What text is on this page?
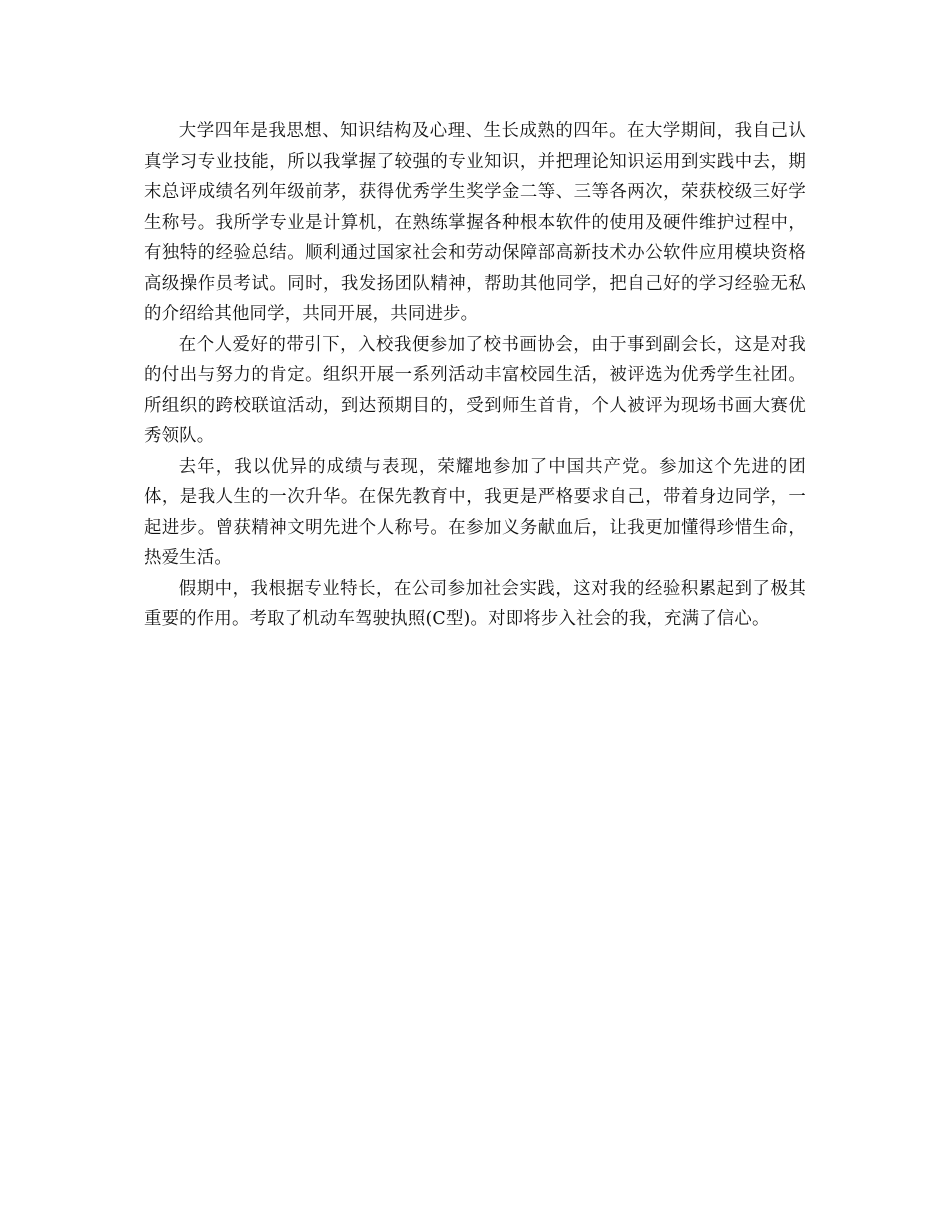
大学四年是我思想、知识结构及心理、生长成熟的四年。在大学期间，我自己认真学习专业技能，所以我掌握了较强的专业知识，并把理论知识运用到实践中去，期末总评成绩名列年级前茅，获得优秀学生奖学金二等、三等各两次，荣获校级三好学生称号。我所学专业是计算机，在熟练掌握各种根本软件的使用及硬件维护过程中，有独特的经验总结。顺利通过国家社会和劳动保障部高新技术办公软件应用模块资格高级操作员考试。同时，我发扬团队精神，帮助其他同学，把自己好的学习经验无私的介绍给其他同学，共同开展，共同进步。

在个人爱好的带引下，入校我便参加了校书画协会，由于事到副会长，这是对我的付出与努力的肯定。组织开展一系列活动丰富校园生活，被评选为优秀学生社团。所组织的跨校联谊活动，到达预期目的，受到师生首肯，个人被评为现场书画大赛优秀领队。

去年，我以优异的成绩与表现，荣耀地参加了中国共产党。参加这个先进的团体，是我人生的一次升华。在保先教育中，我更是严格要求自己，带着身边同学，一起进步。曾获精神文明先进个人称号。在参加义务献血后，让我更加懂得珍惜生命，热爱生活。

假期中，我根据专业特长，在公司参加社会实践，这对我的经验积累起到了极其重要的作用。考取了机动车驾驶执照(C型)。对即将步入社会的我，充满了信心。
